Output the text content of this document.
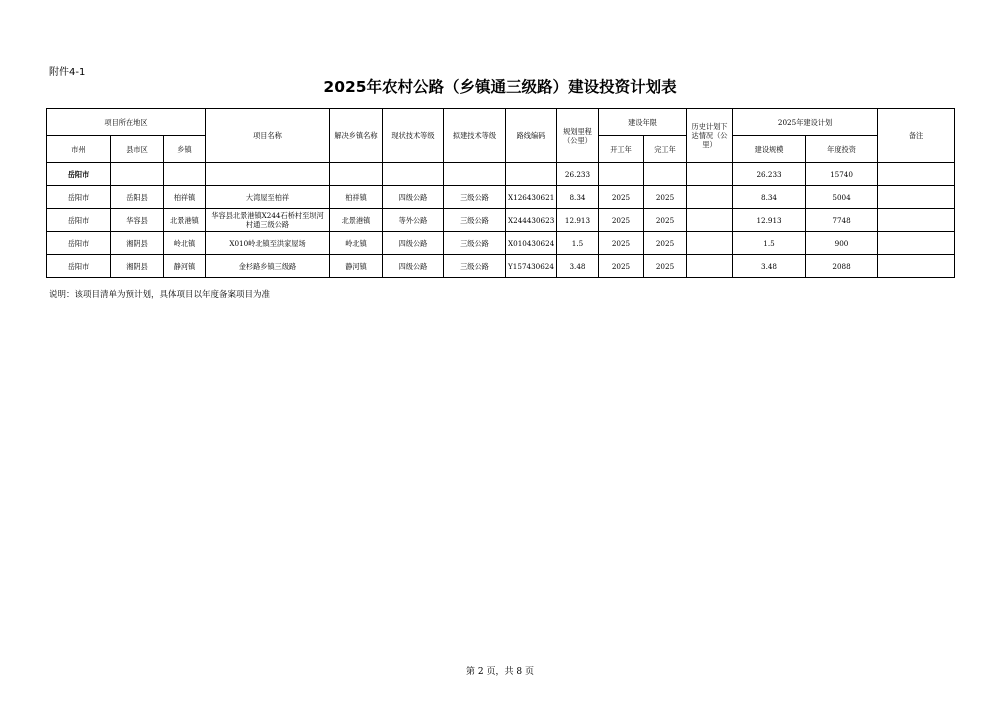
附件4-1
2025年农村公路（乡镇通三级路）建设投资计划表
项目所在地区			项目名称	解决乡镇名称	现状技术等级	拟建技术等级	路线编码	规划里程（公里）	建设年限		历史计划下达情况（公里）	2025年建设计划		备注
市州	县市区	乡镇							开工年	完工年		建设规模	年度投资	
岳阳市								26.233				26.233	15740	
岳阳市	岳阳县	柏祥镇	大湾屋至柏祥	柏祥镇	四级公路	三级公路	X126430621	8.34	2025	2025		8.34	5004	
岳阳市	华容县	北景港镇	华容县北景港镇X244石桥村至坝河村通三级公路	北景港镇	等外公路	三级公路	X244430623	12.913	2025	2025		12.913	7748	
岳阳市	湘阴县	岭北镇	X010岭北镇至洪家屋场	岭北镇	四级公路	三级公路	X010430624	1.5	2025	2025		1.5	900	
岳阳市	湘阴县	静河镇	金杉路乡镇三级路	静河镇	四级公路	三级公路	Y157430624	3.48	2025	2025		3.48	2088	
说明：该项目清单为预计划，具体项目以年度备案项目为准
第 2 页，共 8 页
